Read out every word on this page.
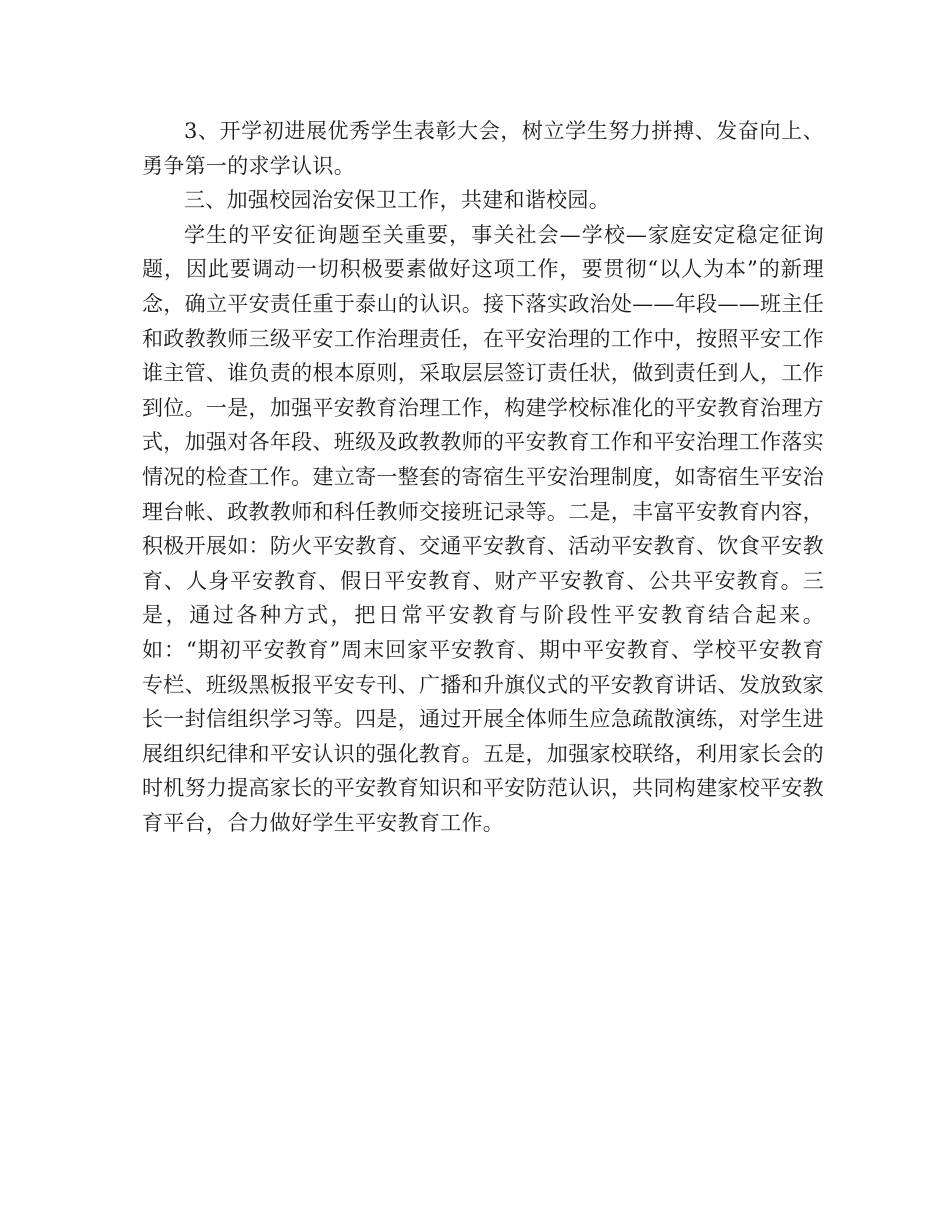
3、开学初进展优秀学生表彰大会，树立学生努力拼搏、发奋向上、勇争第一的求学认识。

三、加强校园治安保卫工作，共建和谐校园。

学生的平安征询题至关重要，事关社会—学校—家庭安定稳定征询题，因此要调动一切积极要素做好这项工作，要贯彻“以人为本”的新理念，确立平安责任重于泰山的认识。接下落实政治处——年段——班主任和政教教师三级平安工作治理责任，在平安治理的工作中，按照平安工作谁主管、谁负责的根本原则，采取层层签订责任状，做到责任到人，工作到位。一是，加强平安教育治理工作，构建学校标准化的平安教育治理方式，加强对各年段、班级及政教教师的平安教育工作和平安治理工作落实情况的检查工作。建立寄一整套的寄宿生平安治理制度，如寄宿生平安治理台帐、政教教师和科任教师交接班记录等。二是，丰富平安教育内容，积极开展如：防火平安教育、交通平安教育、活动平安教育、饮食平安教育、人身平安教育、假日平安教育、财产平安教育、公共平安教育。三是，通过各种方式，把日常平安教育与阶段性平安教育结合起来。如：“期初平安教育”周末回家平安教育、期中平安教育、学校平安教育专栏、班级黑板报平安专刊、广播和升旗仪式的平安教育讲话、发放致家长一封信组织学习等。四是，通过开展全体师生应急疏散演练，对学生进展组织纪律和平安认识的强化教育。五是，加强家校联络，利用家长会的时机努力提高家长的平安教育知识和平安防范认识，共同构建家校平安教育平台，合力做好学生平安教育工作。
